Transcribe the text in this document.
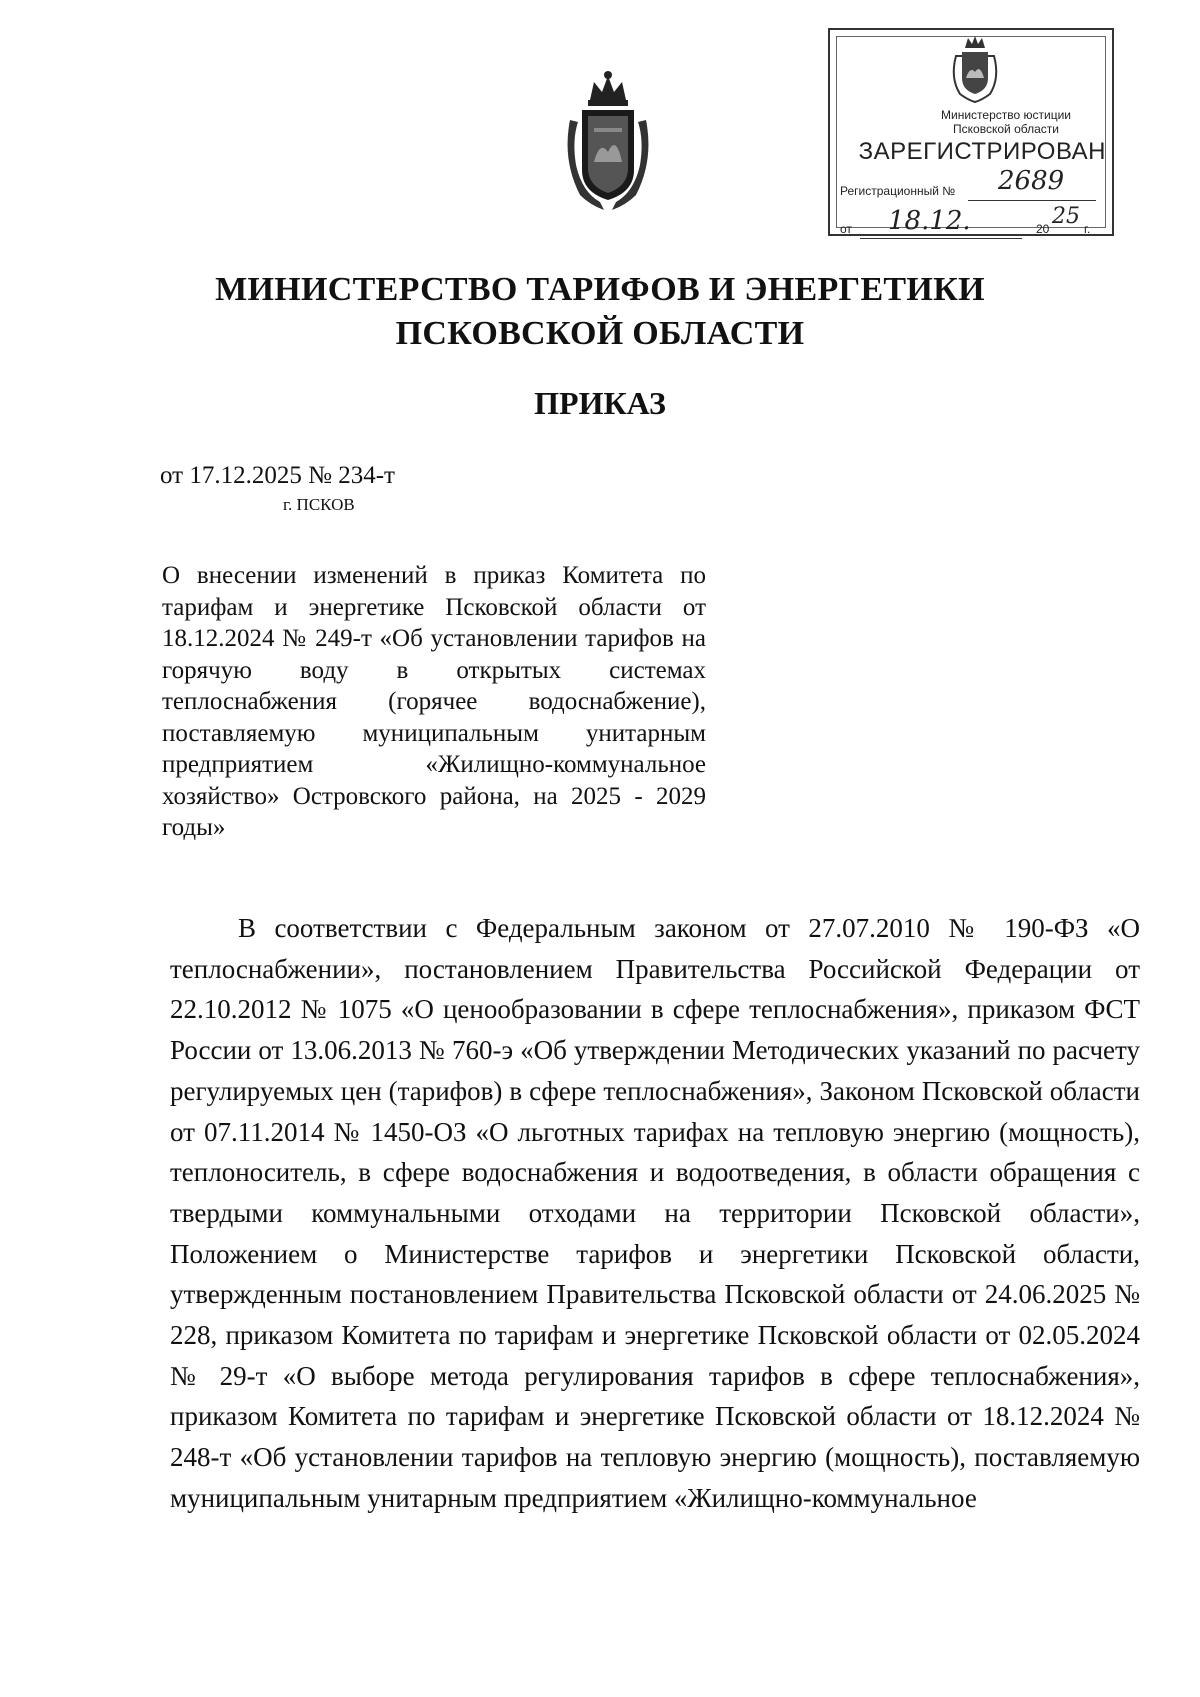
Министерство юстиции
Псковской области
ЗАРЕГИСТРИРОВАН
Регистрационный № 2689
от 18.12.	20 25 г.
МИНИСТЕРСТВО ТАРИФОВ И ЭНЕРГЕТИКИ
ПСКОВСКОЙ ОБЛАСТИ
ПРИКАЗ
от 17.12.2025 № 234-т
г. ПСКОВ
О внесении изменений в приказ Комитета по тарифам и энергетике Псковской области от 18.12.2024 № 249-т «Об установлении тарифов на горячую воду в открытых системах теплоснабжения (горячее водоснабжение), поставляемую муниципальным унитарным предприятием «Жилищно-коммунальное хозяйство» Островского района, на 2025 - 2029 годы»
В соответствии с Федеральным законом от 27.07.2010 № 190-ФЗ «О теплоснабжении», постановлением Правительства Российской Федерации от 22.10.2012 № 1075 «О ценообразовании в сфере теплоснабжения», приказом ФСТ России от 13.06.2013 № 760-э «Об утверждении Методических указаний по расчету регулируемых цен (тарифов) в сфере теплоснабжения», Законом Псковской области от 07.11.2014 № 1450-ОЗ «О льготных тарифах на тепловую энергию (мощность), теплоноситель, в сфере водоснабжения и водоотведения, в области обращения с твердыми коммунальными отходами на территории Псковской области», Положением о Министерстве тарифов и энергетики Псковской области, утвержденным постановлением Правительства Псковской области от 24.06.2025 № 228, приказом Комитета по тарифам и энергетике Псковской области от 02.05.2024 № 29-т «О выборе метода регулирования тарифов в сфере теплоснабжения», приказом Комитета по тарифам и энергетике Псковской области от 18.12.2024 № 248-т «Об установлении тарифов на тепловую энергию (мощность), поставляемую муниципальным унитарным предприятием «Жилищно-коммунальное
